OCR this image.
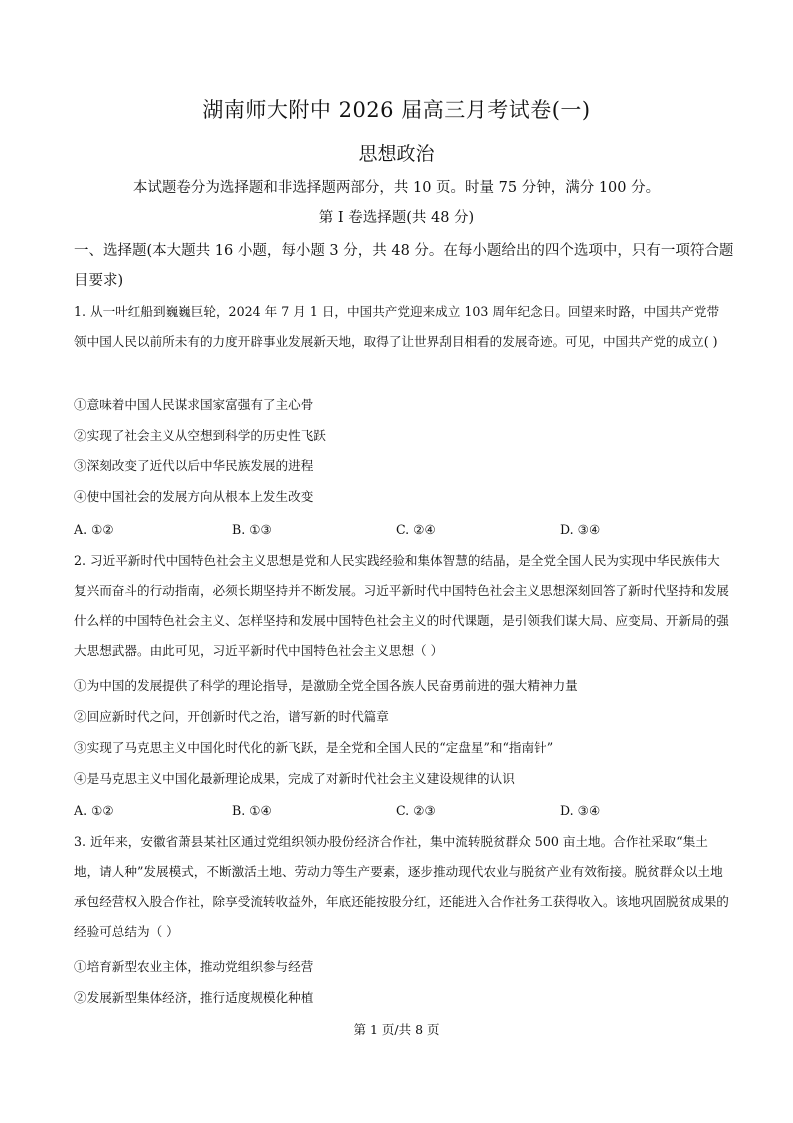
湖南师大附中 2026 届高三月考试卷(一)
思想政治
本试题卷分为选择题和非选择题两部分，共 10 页。时量 75 分钟，满分 100 分。
第 I 卷选择题(共 48 分)
一、选择题(本大题共 16 小题，每小题 3 分，共 48 分。在每小题给出的四个选项中，只有一项符合题目要求)
1. 从一叶红船到巍巍巨轮，2024 年 7 月 1 日，中国共产党迎来成立 103 周年纪念日。回望来时路，中国共产党带领中国人民以前所未有的力度开辟事业发展新天地，取得了让世界刮目相看的发展奇迹。可见，中国共产党的成立( )
①意味着中国人民谋求国家富强有了主心骨
②实现了社会主义从空想到科学的历史性飞跃
③深刻改变了近代以后中华民族发展的进程
④使中国社会的发展方向从根本上发生改变
A. ①②	B. ①③	C. ②④	D. ③④
2. 习近平新时代中国特色社会主义思想是党和人民实践经验和集体智慧的结晶，是全党全国人民为实现中华民族伟大复兴而奋斗的行动指南，必须长期坚持并不断发展。习近平新时代中国特色社会主义思想深刻回答了新时代坚持和发展什么样的中国特色社会主义、怎样坚持和发展中国特色社会主义的时代课题，是引领我们谋大局、应变局、开新局的强大思想武器。由此可见，习近平新时代中国特色社会主义思想（ ）
①为中国的发展提供了科学的理论指导，是激励全党全国各族人民奋勇前进的强大精神力量
②回应新时代之问，开创新时代之治，谱写新的时代篇章
③实现了马克思主义中国化时代化的新飞跃，是全党和全国人民的“定盘星”和“指南针”
④是马克思主义中国化最新理论成果，完成了对新时代社会主义建设规律的认识
A. ①②	B. ①④	C. ②③	D. ③④
3. 近年来，安徽省萧县某社区通过党组织领办股份经济合作社，集中流转脱贫群众 500 亩土地。合作社采取“集土地，请人种”发展模式，不断激活土地、劳动力等生产要素，逐步推动现代农业与脱贫产业有效衔接。脱贫群众以土地承包经营权入股合作社，除享受流转收益外，年底还能按股分红，还能进入合作社务工获得收入。该地巩固脱贫成果的经验可总结为（ ）
①培育新型农业主体，推动党组织参与经营
②发展新型集体经济，推行适度规模化种植
第 1 页/共 8 页
